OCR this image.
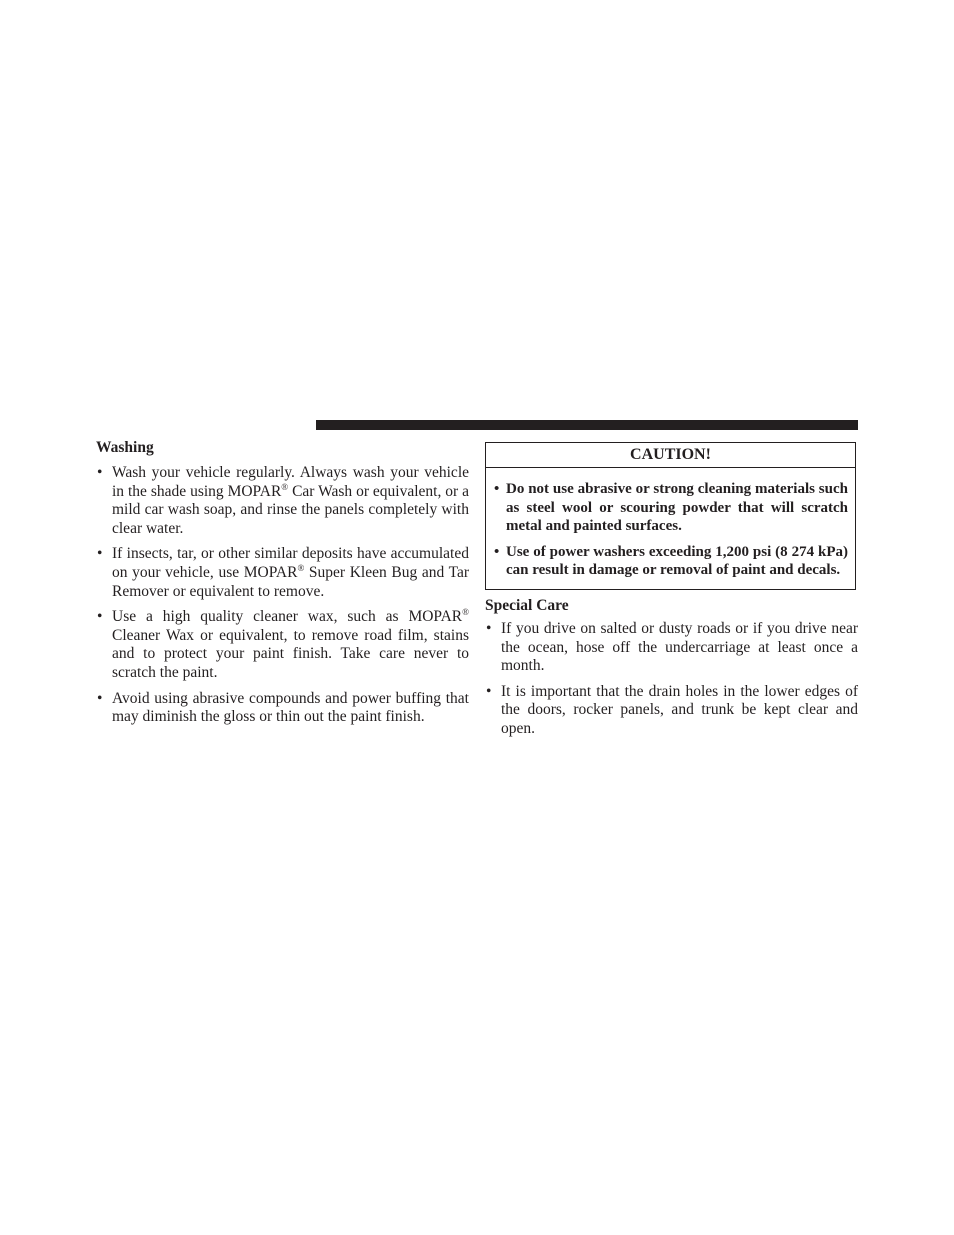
Washing
• Wash your vehicle regularly. Always wash your vehicle in the shade using MOPAR® Car Wash or equivalent, or a mild car wash soap, and rinse the panels completely with clear water.
• If insects, tar, or other similar deposits have accumulated on your vehicle, use MOPAR® Super Kleen Bug and Tar Remover or equivalent to remove.
• Use a high quality cleaner wax, such as MOPAR® Cleaner Wax or equivalent, to remove road film, stains and to protect your paint finish. Take care never to scratch the paint.
• Avoid using abrasive compounds and power buffing that may diminish the gloss or thin out the paint finish.
CAUTION!
• Do not use abrasive or strong cleaning materials such as steel wool or scouring powder that will scratch metal and painted surfaces.
• Use of power washers exceeding 1,200 psi (8 274 kPa) can result in damage or removal of paint and decals.
Special Care
• If you drive on salted or dusty roads or if you drive near the ocean, hose off the undercarriage at least once a month.
• It is important that the drain holes in the lower edges of the doors, rocker panels, and trunk be kept clear and open.
